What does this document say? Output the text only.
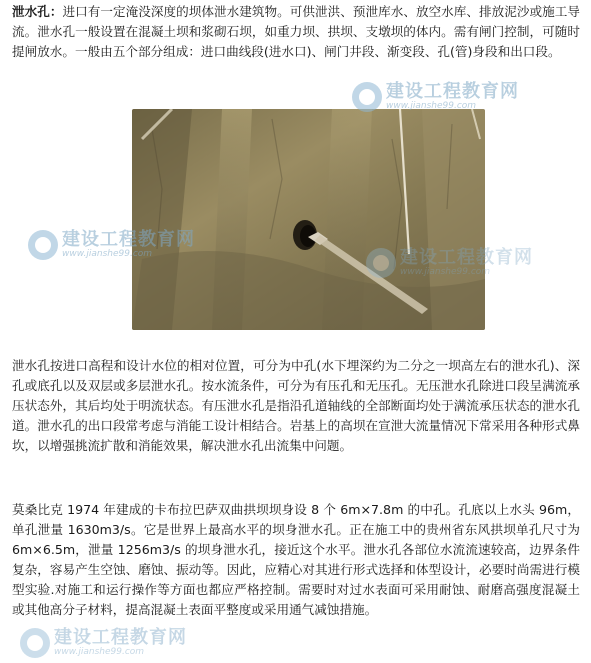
泄水孔：进口有一定淹没深度的坝体泄水建筑物。可供泄洪、预泄库水、放空水库、排放泥沙或施工导流。泄水孔一般设置在混凝土坝和浆砌石坝，如重力坝、拱坝、支墩坝的体内。需有闸门控制，可随时提闸放水。一般由五个部分组成：进口曲线段(进水口)、闸门井段、渐变段、孔(管)身段和出口段。

泄水孔按进口高程和设计水位的相对位置，可分为中孔(水下埋深约为二分之一坝高左右的泄水孔)、深孔或底孔以及双层或多层泄水孔。按水流条件，可分为有压孔和无压孔。无压泄水孔除进口段呈满流承压状态外，其后均处于明流状态。有压泄水孔是指沿孔道轴线的全部断面均处于满流承压状态的泄水孔道。泄水孔的出口段常考虑与消能工设计相结合。岩基上的高坝在宣泄大流量情况下常采用各种形式鼻坎，以增强挑流扩散和消能效果，解决泄水孔出流集中问题。

莫桑比克 1974 年建成的卡布拉巴萨双曲拱坝坝身设 8 个 6m×7.8m 的中孔。孔底以上水头 96m，单孔泄量 1630m3/s。它是世界上最高水平的坝身泄水孔。正在施工中的贵州省东风拱坝单孔尺寸为 6m×6.5m，泄量 1256m3/s 的坝身泄水孔，接近这个水平。泄水孔各部位水流流速较高，边界条件复杂，容易产生空蚀、磨蚀、振动等。因此，应精心对其进行形式选择和体型设计，必要时尚需进行模型实验.对施工和运行操作等方面也都应严格控制。需要时对过水表面可采用耐蚀、耐磨高强度混凝土或其他高分子材料，提高混凝土表面平整度或采用通气减蚀措施。

建设工程教育网
www.jianshe99.com
建设工程教育网
www.jianshe99.com	建设工程教育网
www.jianshe99.com
建设工程教育网
www.jianshe99.com
